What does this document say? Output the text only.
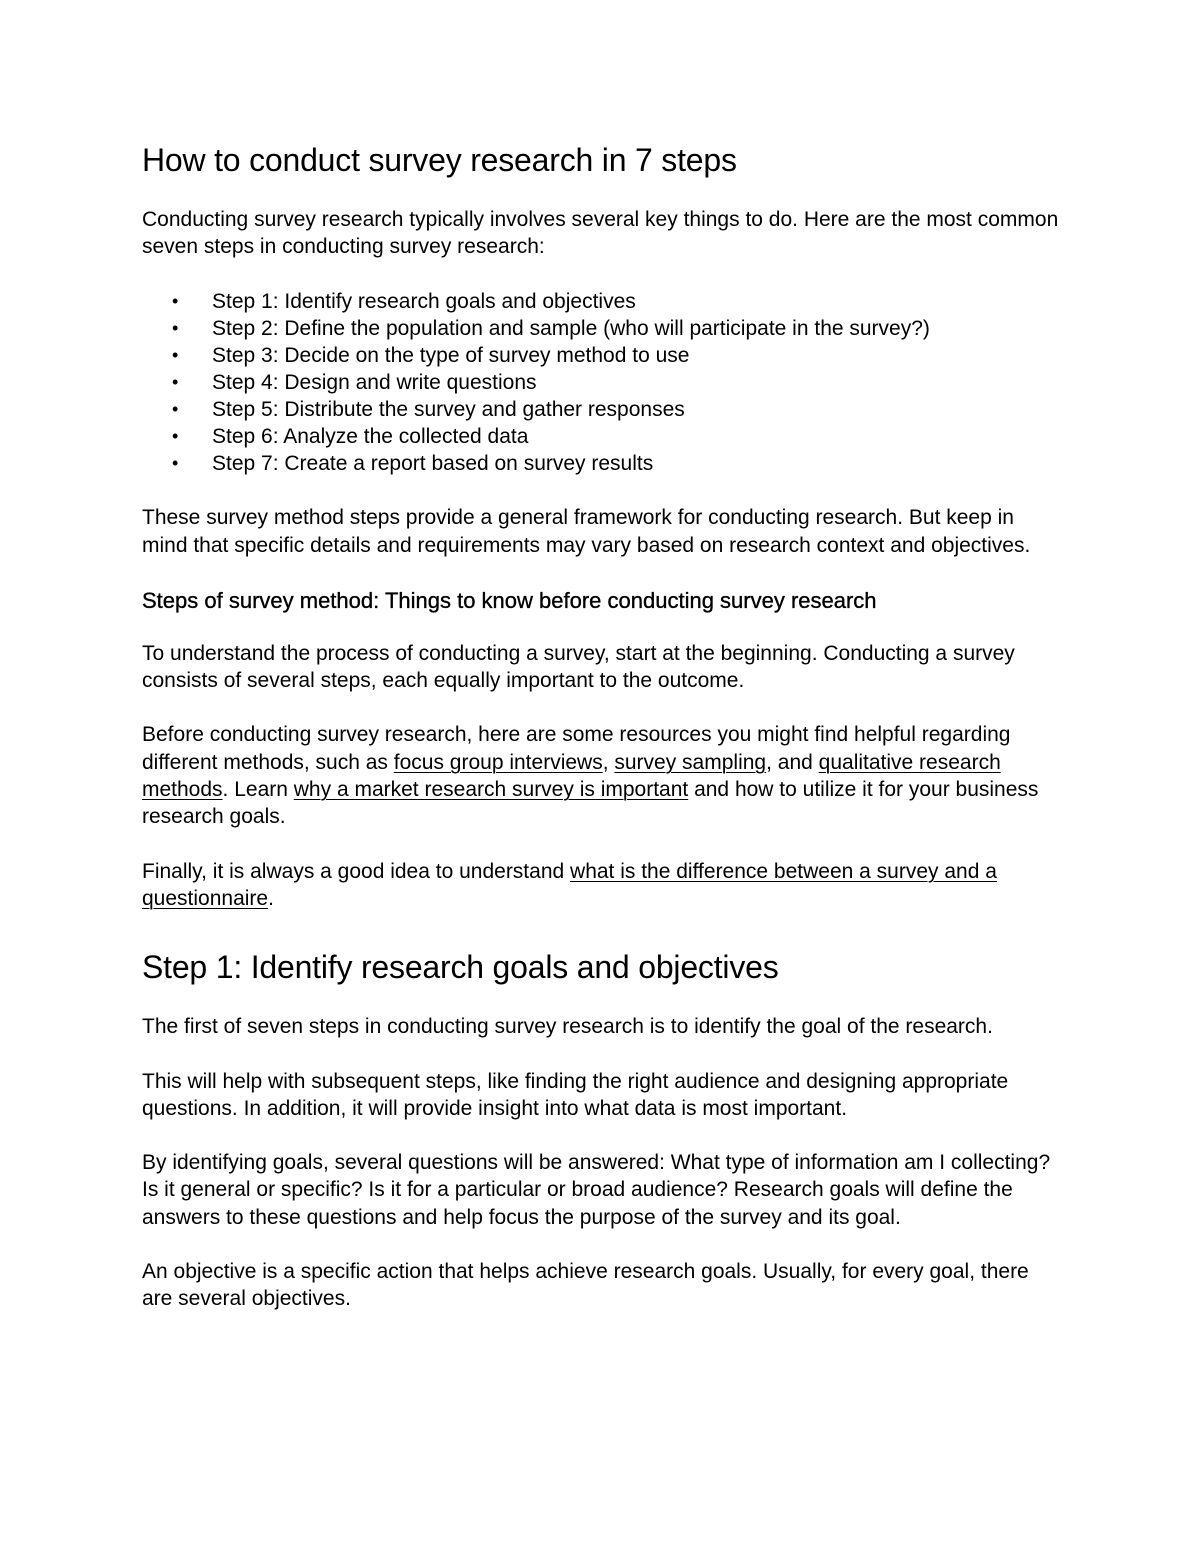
How to conduct survey research in 7 steps

Conducting survey research typically involves several key things to do. Here are the most common seven steps in conducting survey research:

• Step 1: Identify research goals and objectives
• Step 2: Define the population and sample (who will participate in the survey?)
• Step 3: Decide on the type of survey method to use
• Step 4: Design and write questions
• Step 5: Distribute the survey and gather responses
• Step 6: Analyze the collected data
• Step 7: Create a report based on survey results

These survey method steps provide a general framework for conducting research. But keep in mind that specific details and requirements may vary based on research context and objectives.

Steps of survey method: Things to know before conducting survey research

To understand the process of conducting a survey, start at the beginning. Conducting a survey consists of several steps, each equally important to the outcome.

Before conducting survey research, here are some resources you might find helpful regarding different methods, such as focus group interviews, survey sampling, and qualitative research methods. Learn why a market research survey is important and how to utilize it for your business research goals.

Finally, it is always a good idea to understand what is the difference between a survey and a questionnaire.

Step 1: Identify research goals and objectives

The first of seven steps in conducting survey research is to identify the goal of the research.

This will help with subsequent steps, like finding the right audience and designing appropriate questions. In addition, it will provide insight into what data is most important.

By identifying goals, several questions will be answered: What type of information am I collecting? Is it general or specific? Is it for a particular or broad audience? Research goals will define the answers to these questions and help focus the purpose of the survey and its goal.

An objective is a specific action that helps achieve research goals. Usually, for every goal, there are several objectives.
